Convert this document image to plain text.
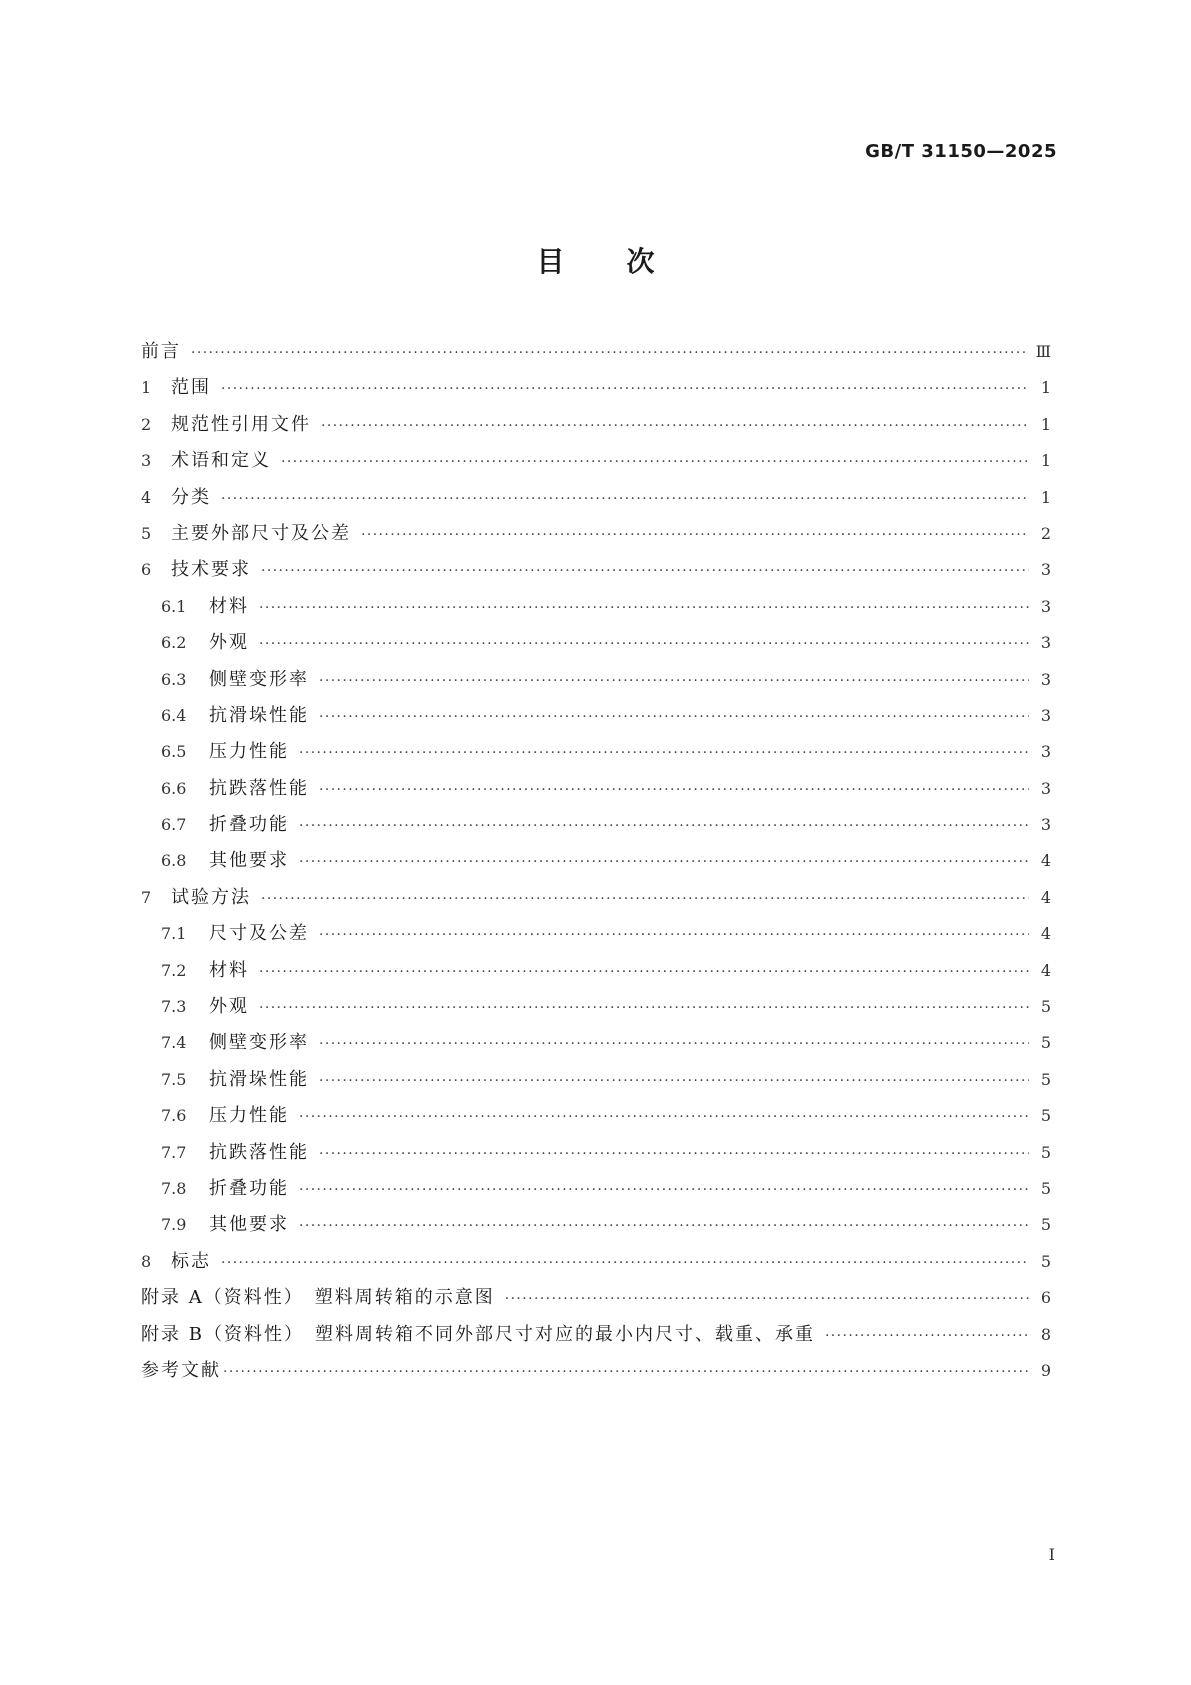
GB/T 31150—2025
目次
前言 ·····	Ⅲ
1	范围 ·····	1
2	规范性引用文件 ·····	1
3	术语和定义 ·····	1
4	分类 ·····	1
5	主要外部尺寸及公差 ·····	2
6	技术要求 ·····	3
6.1	材料 ·····	3
6.2	外观 ·····	3
6.3	侧壁变形率 ·····	3
6.4	抗滑垛性能 ·····	3
6.5	压力性能 ·····	3
6.6	抗跌落性能 ·····	3
6.7	折叠功能 ·····	3
6.8	其他要求 ·····	4
7	试验方法 ·····	4
7.1	尺寸及公差 ·····	4
7.2	材料 ·····	4
7.3	外观 ·····	5
7.4	侧壁变形率 ·····	5
7.5	抗滑垛性能 ·····	5
7.6	压力性能 ·····	5
7.7	抗跌落性能 ·····	5
7.8	折叠功能 ·····	5
7.9	其他要求 ·····	5
8	标志 ·····	5
附录 A（资料性）　塑料周转箱的示意图 ·····	6
附录 B（资料性）　塑料周转箱不同外部尺寸对应的最小内尺寸、载重、承重 ·····	8
参考文献 ·····	9
I
